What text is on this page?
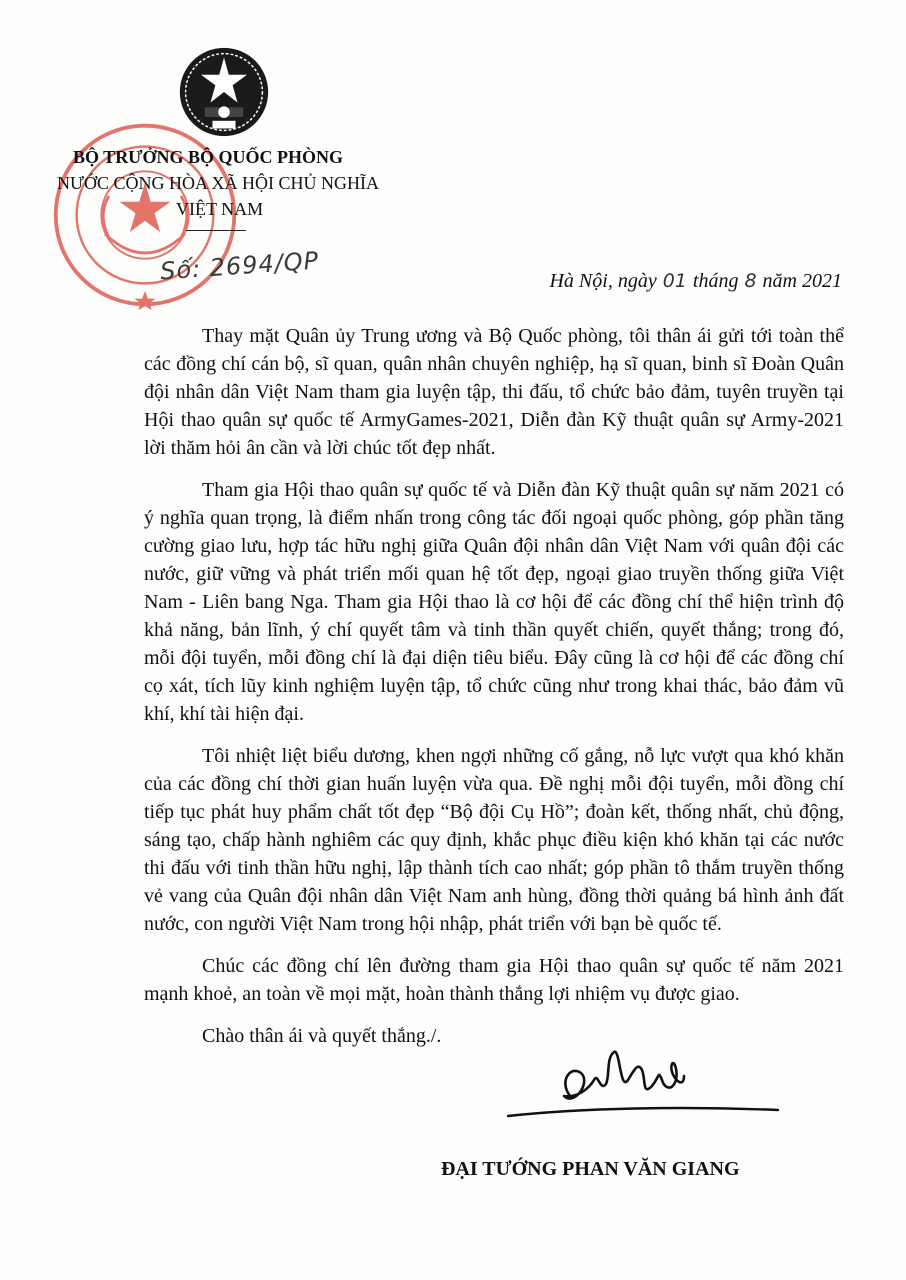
BỘ TRƯỞNG BỘ QUỐC PHÒNG
NƯỚC CỘNG HÒA XÃ HỘI CHỦ NGHĨA
VIỆT NAM
Số: 2694/QP	Hà Nội, ngày 01 tháng 8 năm 2021

Thay mặt Quân ủy Trung ương và Bộ Quốc phòng, tôi thân ái gửi tới toàn thể các đồng chí cán bộ, sĩ quan, quân nhân chuyên nghiệp, hạ sĩ quan, binh sĩ Đoàn Quân đội nhân dân Việt Nam tham gia luyện tập, thi đấu, tổ chức bảo đảm, tuyên truyền tại Hội thao quân sự quốc tế ArmyGames-2021, Diễn đàn Kỹ thuật quân sự Army-2021 lời thăm hỏi ân cần và lời chúc tốt đẹp nhất.

Tham gia Hội thao quân sự quốc tế và Diễn đàn Kỹ thuật quân sự năm 2021 có ý nghĩa quan trọng, là điểm nhấn trong công tác đối ngoại quốc phòng, góp phần tăng cường giao lưu, hợp tác hữu nghị giữa Quân đội nhân dân Việt Nam với quân đội các nước, giữ vững và phát triển mối quan hệ tốt đẹp, ngoại giao truyền thống giữa Việt Nam - Liên bang Nga. Tham gia Hội thao là cơ hội để các đồng chí thể hiện trình độ khả năng, bản lĩnh, ý chí quyết tâm và tinh thần quyết chiến, quyết thắng; trong đó, mỗi đội tuyển, mỗi đồng chí là đại diện tiêu biểu. Đây cũng là cơ hội để các đồng chí cọ xát, tích lũy kinh nghiệm luyện tập, tổ chức cũng như trong khai thác, bảo đảm vũ khí, khí tài hiện đại.

Tôi nhiệt liệt biểu dương, khen ngợi những cố gắng, nỗ lực vượt qua khó khăn của các đồng chí thời gian huấn luyện vừa qua. Đề nghị mỗi đội tuyển, mỗi đồng chí tiếp tục phát huy phẩm chất tốt đẹp “Bộ đội Cụ Hồ”; đoàn kết, thống nhất, chủ động, sáng tạo, chấp hành nghiêm các quy định, khắc phục điều kiện khó khăn tại các nước thi đấu với tinh thần hữu nghị, lập thành tích cao nhất; góp phần tô thắm truyền thống vẻ vang của Quân đội nhân dân Việt Nam anh hùng, đồng thời quảng bá hình ảnh đất nước, con người Việt Nam trong hội nhập, phát triển với bạn bè quốc tế.

Chúc các đồng chí lên đường tham gia Hội thao quân sự quốc tế năm 2021 mạnh khoẻ, an toàn về mọi mặt, hoàn thành thắng lợi nhiệm vụ được giao.

Chào thân ái và quyết thắng./.

ĐẠI TƯỚNG PHAN VĂN GIANG
